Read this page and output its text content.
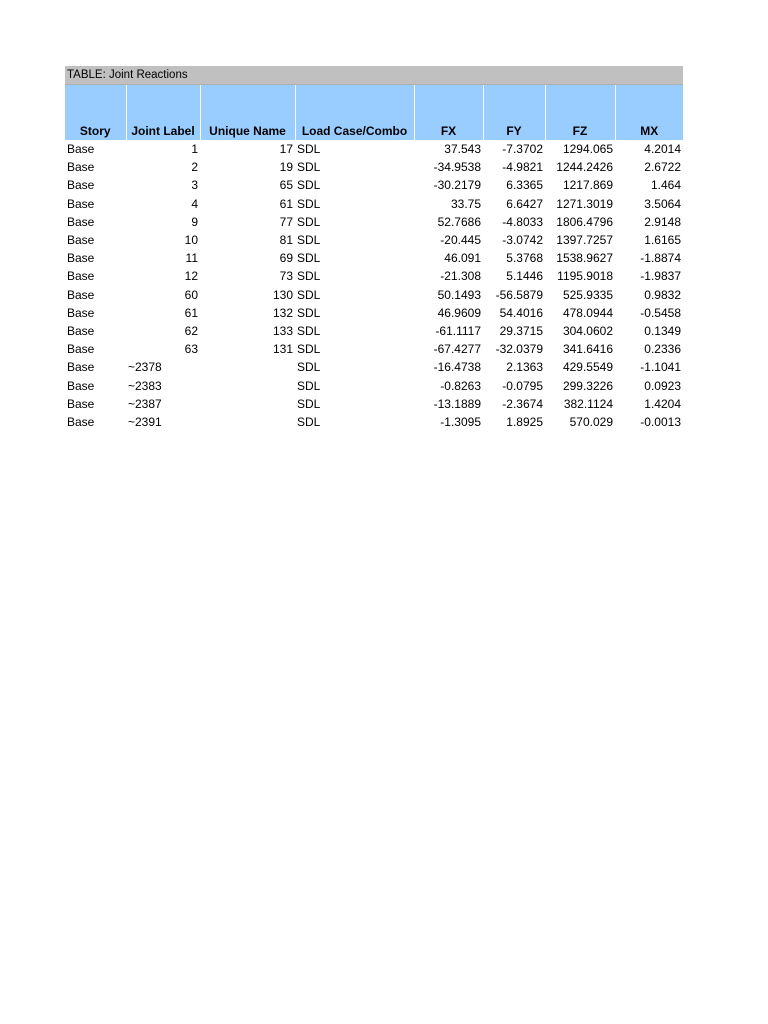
TABLE: Joint Reactions
Story	Joint Label	Unique Name	Load Case/Combo	FX	FY	FZ	MX
Base	1	17	SDL	37.543	-7.3702	1294.065	4.2014
Base	2	19	SDL	-34.9538	-4.9821	1244.2426	2.6722
Base	3	65	SDL	-30.2179	6.3365	1217.869	1.464
Base	4	61	SDL	33.75	6.6427	1271.3019	3.5064
Base	9	77	SDL	52.7686	-4.8033	1806.4796	2.9148
Base	10	81	SDL	-20.445	-3.0742	1397.7257	1.6165
Base	11	69	SDL	46.091	5.3768	1538.9627	-1.8874
Base	12	73	SDL	-21.308	5.1446	1195.9018	-1.9837
Base	60	130	SDL	50.1493	-56.5879	525.9335	0.9832
Base	61	132	SDL	46.9609	54.4016	478.0944	-0.5458
Base	62	133	SDL	-61.1117	29.3715	304.0602	0.1349
Base	63	131	SDL	-67.4277	-32.0379	341.6416	0.2336
Base	~2378		SDL	-16.4738	2.1363	429.5549	-1.1041
Base	~2383		SDL	-0.8263	-0.0795	299.3226	0.0923
Base	~2387		SDL	-13.1889	-2.3674	382.1124	1.4204
Base	~2391		SDL	-1.3095	1.8925	570.029	-0.0013
